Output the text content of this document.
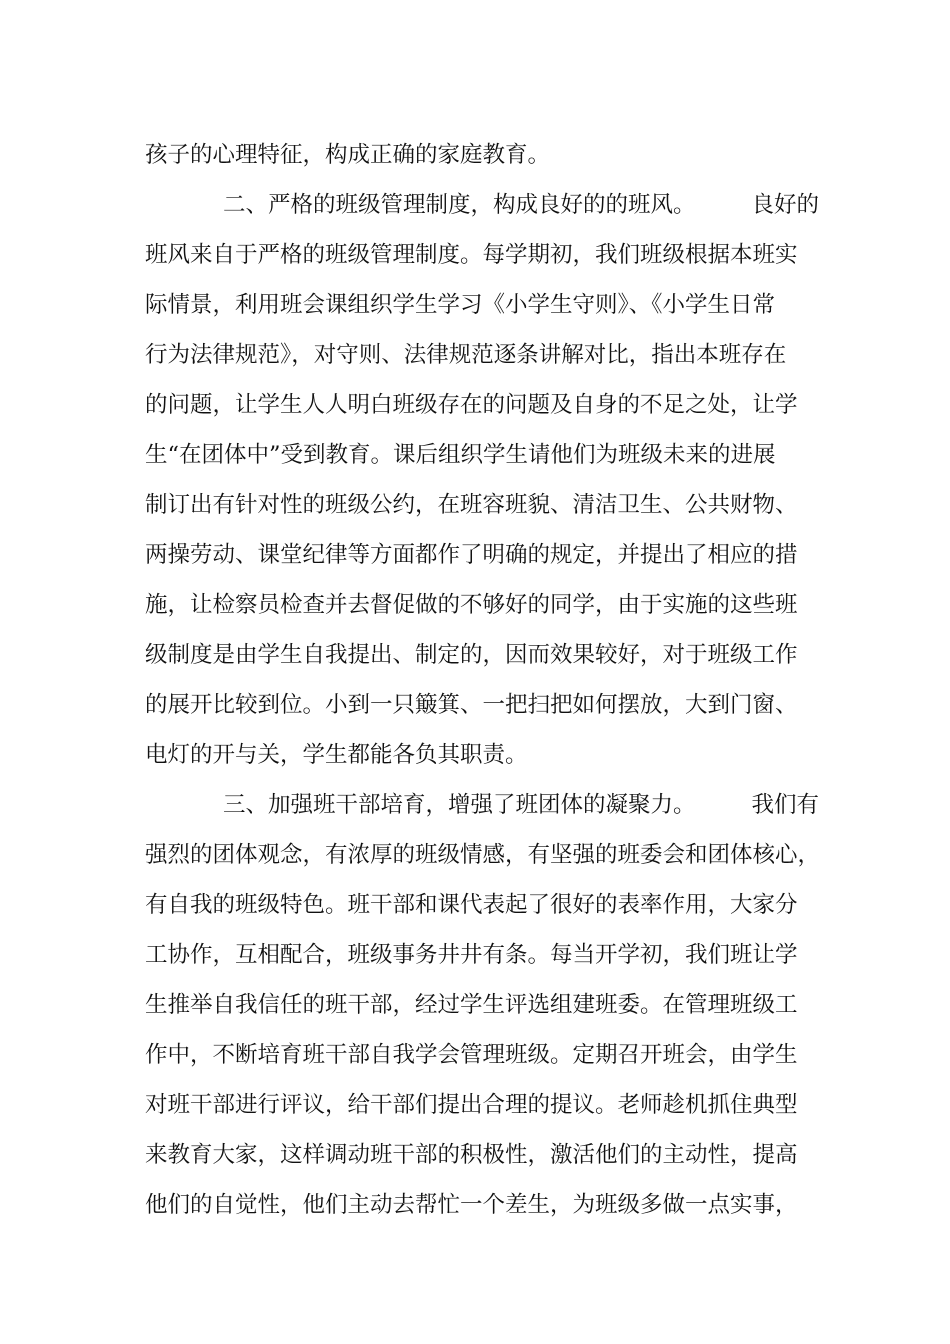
孩子的心理特征，构成正确的家庭教育。
二、严格的班级管理制度，构成良好的的班风。 良好的
班风来自于严格的班级管理制度。每学期初，我们班级根据本班实
际情景，利用班会课组织学生学习《小学生守则》、《小学生日常
行为法律规范》，对守则、法律规范逐条讲解对比，指出本班存在
的问题，让学生人人明白班级存在的问题及自身的不足之处，让学
生“在团体中”受到教育。课后组织学生请他们为班级未来的进展
制订出有针对性的班级公约，在班容班貌、清洁卫生、公共财物、
两操劳动、课堂纪律等方面都作了明确的规定，并提出了相应的措
施，让检察员检查并去督促做的不够好的同学，由于实施的这些班
级制度是由学生自我提出、制定的，因而效果较好，对于班级工作
的展开比较到位。小到一只簸箕、一把扫把如何摆放，大到门窗、
电灯的开与关，学生都能各负其职责。
三、加强班干部培育，增强了班团体的凝聚力。 我们有
强烈的团体观念，有浓厚的班级情感，有坚强的班委会和团体核心，
有自我的班级特色。班干部和课代表起了很好的表率作用，大家分
工协作，互相配合，班级事务井井有条。每当开学初，我们班让学
生推举自我信任的班干部，经过学生评选组建班委。在管理班级工
作中，不断培育班干部自我学会管理班级。定期召开班会，由学生
对班干部进行评议，给干部们提出合理的提议。老师趁机抓住典型
来教育大家，这样调动班干部的积极性，激活他们的主动性，提高
他们的自觉性，他们主动去帮忙一个差生，为班级多做一点实事，
